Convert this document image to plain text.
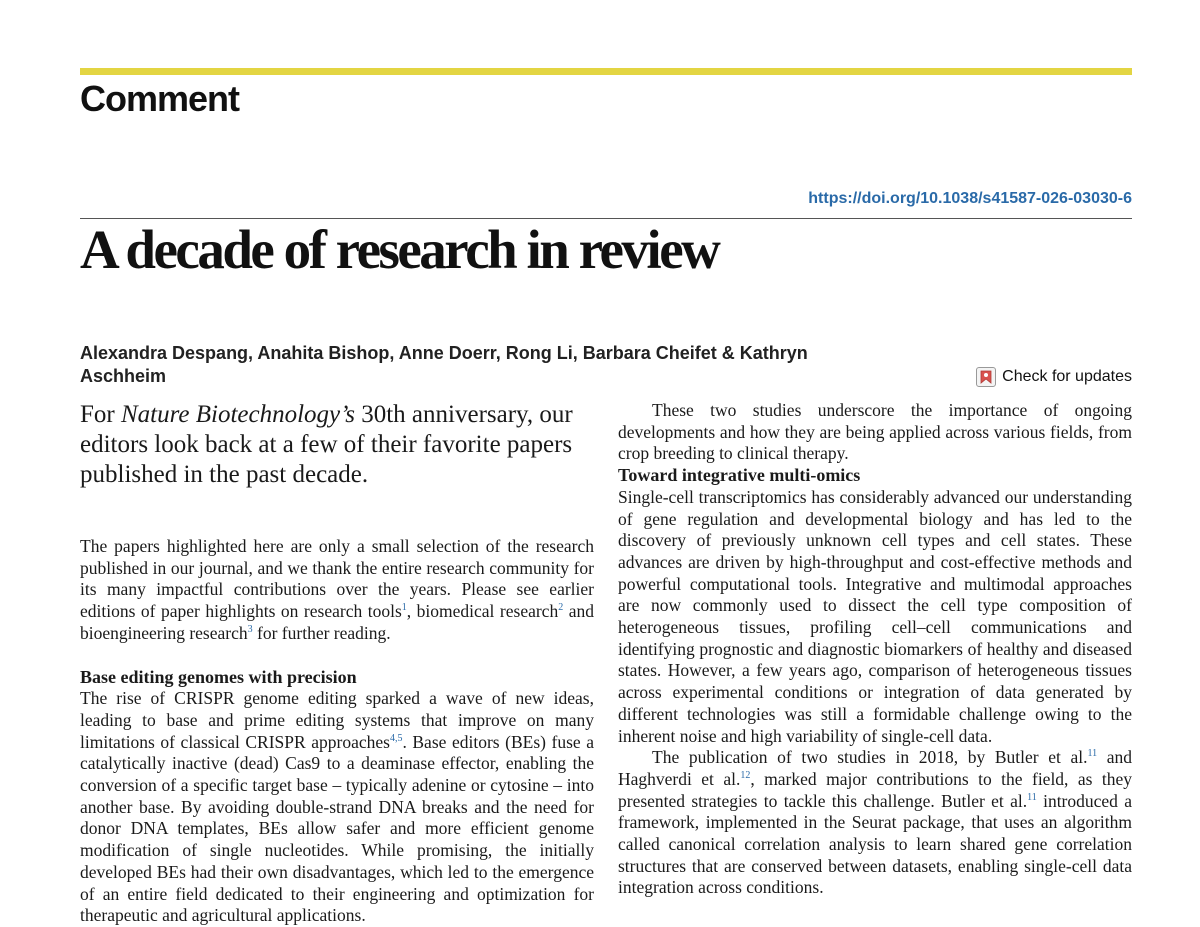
Comment
https://doi.org/10.1038/s41587-026-03030-6
A decade of research in review

Alexandra Despang, Anahita Bishop, Anne Doerr, Rong Li, Barbara Cheifet & Kathryn Aschheim	Check for updates

For Nature Biotechnology’s 30th anniversary, our editors look back at a few of their favorite papers published in the past decade.

The papers highlighted here are only a small selection of the research published in our journal, and we thank the entire research community for its many impactful contributions over the years. Please see earlier editions of paper highlights on research tools$^1$, biomedical research$^2$ and bioengineering research$^3$ for further reading.

Base editing genomes with precision

The rise of CRISPR genome editing sparked a wave of new ideas, leading to base and prime editing systems that improve on many limitations of classical CRISPR approaches$^{4,5}$. Base editors (BEs) fuse a catalytically inactive (dead) Cas9 to a deaminase effector, enabling the conversion of a specific target base – typically adenine or cytosine – into another base. By avoiding double-strand DNA breaks and the need for donor DNA templates, BEs allow safer and more efficient genome modification of single nucleotides. While promising, the initially developed BEs had their own disadvantages, which led to the emergence of an entire field dedicated to their engineering and optimization for therapeutic and agricultural applications.

These two studies underscore the importance of ongoing developments and how they are being applied across various fields, from crop breeding to clinical therapy.

Toward integrative multi-omics

Single-cell transcriptomics has considerably advanced our understanding of gene regulation and developmental biology and has led to the discovery of previously unknown cell types and cell states. These advances are driven by high-throughput and cost-effective methods and powerful computational tools. Integrative and multimodal approaches are now commonly used to dissect the cell type composition of heterogeneous tissues, profiling cell–cell communications and identifying prognostic and diagnostic biomarkers of healthy and diseased states. However, a few years ago, comparison of heterogeneous tissues across experimental conditions or integration of data generated by different technologies was still a formidable challenge owing to the inherent noise and high variability of single-cell data.

The publication of two studies in 2018, by Butler et al.$^{11}$ and Haghverdi et al.$^{12}$, marked major contributions to the field, as they presented strategies to tackle this challenge. Butler et al.$^{11}$ introduced a framework, implemented in the Seurat package, that uses an algorithm called canonical correlation analysis to learn shared gene correlation structures that are conserved between datasets, enabling single-cell data integration across conditions.
